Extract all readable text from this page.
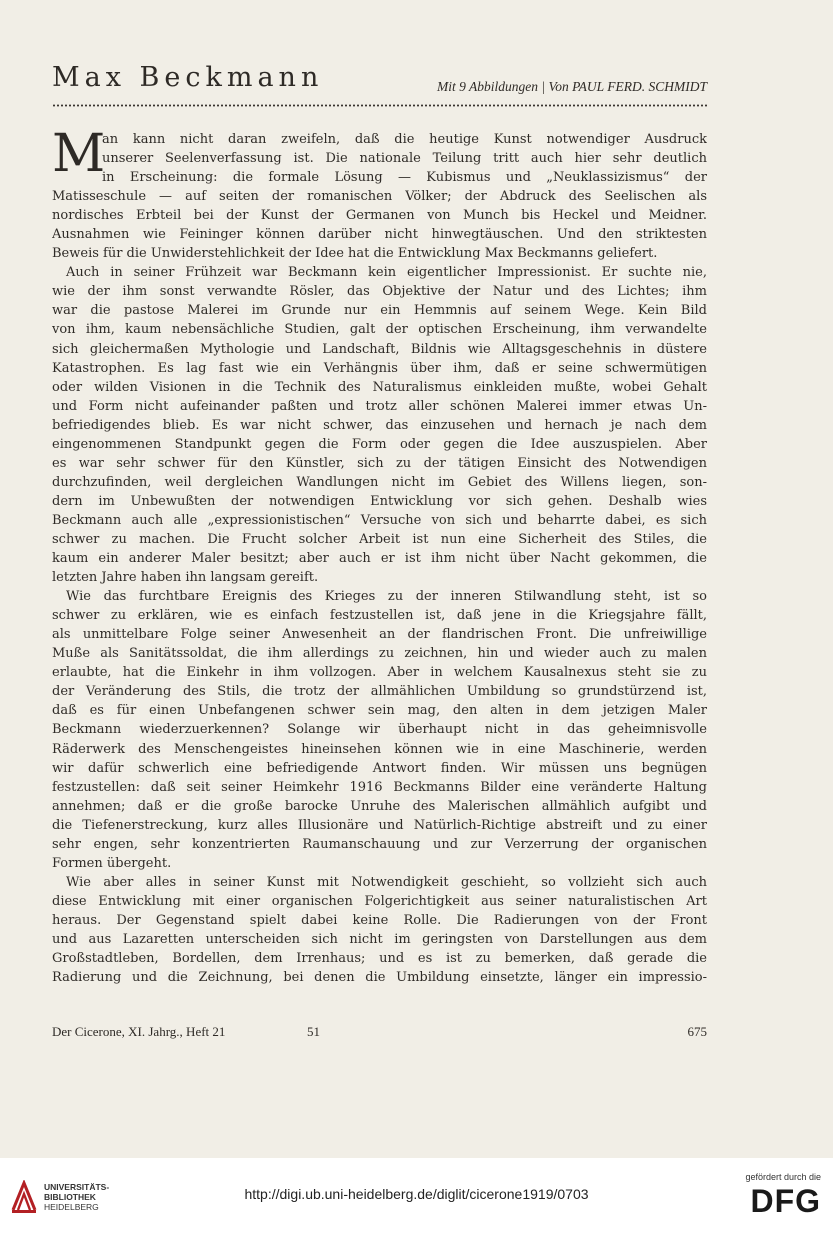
Max Beckmann	Mit 9 Abbildungen | Von PAUL FERD. SCHMIDT
M
an kann nicht daran zweifeln, daß die heutige Kunst notwendiger Ausdruck
unserer Seelenverfassung ist. Die nationale Teilung tritt auch hier sehr deutlich
in Erscheinung: die formale Lösung — Kubismus und „Neuklassizismus“ der
Matisseschule — auf seiten der romanischen Völker; der Abdruck des Seelischen als
nordisches Erbteil bei der Kunst der Germanen von Munch bis Heckel und Meidner.
Ausnahmen wie Feininger können darüber nicht hinwegtäuschen. Und den striktesten
Beweis für die Unwiderstehlichkeit der Idee hat die Entwicklung Max Beckmanns geliefert.
Auch in seiner Frühzeit war Beckmann kein eigentlicher Impressionist. Er suchte nie,
wie der ihm sonst verwandte Rösler, das Objektive der Natur und des Lichtes; ihm
war die pastose Malerei im Grunde nur ein Hemmnis auf seinem Wege. Kein Bild
von ihm, kaum nebensächliche Studien, galt der optischen Erscheinung, ihm verwandelte
sich gleichermaßen Mythologie und Landschaft, Bildnis wie Alltagsgeschehnis in düstere
Katastrophen. Es lag fast wie ein Verhängnis über ihm, daß er seine schwermütigen
oder wilden Visionen in die Technik des Naturalismus einkleiden mußte, wobei Gehalt
und Form nicht aufeinander paßten und trotz aller schönen Malerei immer etwas Un-
befriedigendes blieb. Es war nicht schwer, das einzusehen und hernach je nach dem
eingenommenen Standpunkt gegen die Form oder gegen die Idee auszuspielen. Aber
es war sehr schwer für den Künstler, sich zu der tätigen Einsicht des Notwendigen
durchzufinden, weil dergleichen Wandlungen nicht im Gebiet des Willens liegen, son-
dern im Unbewußten der notwendigen Entwicklung vor sich gehen. Deshalb wies
Beckmann auch alle „expressionistischen“ Versuche von sich und beharrte dabei, es sich
schwer zu machen. Die Frucht solcher Arbeit ist nun eine Sicherheit des Stiles, die
kaum ein anderer Maler besitzt; aber auch er ist ihm nicht über Nacht gekommen, die
letzten Jahre haben ihn langsam gereift.
Wie das furchtbare Ereignis des Krieges zu der inneren Stilwandlung steht, ist so
schwer zu erklären, wie es einfach festzustellen ist, daß jene in die Kriegsjahre fällt,
als unmittelbare Folge seiner Anwesenheit an der flandrischen Front. Die unfreiwillige
Muße als Sanitätssoldat, die ihm allerdings zu zeichnen, hin und wieder auch zu malen
erlaubte, hat die Einkehr in ihm vollzogen. Aber in welchem Kausalnexus steht sie zu
der Veränderung des Stils, die trotz der allmählichen Umbildung so grundstürzend ist,
daß es für einen Unbefangenen schwer sein mag, den alten in dem jetzigen Maler
Beckmann wiederzuerkennen? Solange wir überhaupt nicht in das geheimnisvolle
Räderwerk des Menschengeistes hineinsehen können wie in eine Maschinerie, werden
wir dafür schwerlich eine befriedigende Antwort finden. Wir müssen uns begnügen
festzustellen: daß seit seiner Heimkehr 1916 Beckmanns Bilder eine veränderte Haltung
annehmen; daß er die große barocke Unruhe des Malerischen allmählich aufgibt und
die Tiefenerstreckung, kurz alles Illusionäre und Natürlich-Richtige abstreift und zu einer
sehr engen, sehr konzentrierten Raumanschauung und zur Verzerrung der organischen
Formen übergeht.
Wie aber alles in seiner Kunst mit Notwendigkeit geschieht, so vollzieht sich auch
diese Entwicklung mit einer organischen Folgerichtigkeit aus seiner naturalistischen Art
heraus. Der Gegenstand spielt dabei keine Rolle. Die Radierungen von der Front
und aus Lazaretten unterscheiden sich nicht im geringsten von Darstellungen aus dem
Großstadtleben, Bordellen, dem Irrenhaus; und es ist zu bemerken, daß gerade die
Radierung und die Zeichnung, bei denen die Umbildung einsetzte, länger ein impressio-
Der Cicerone, XI. Jahrg., Heft 21	51	675
UNIVERSITÄTS-
BIBLIOTHEK
HEIDELBERG
http://digi.ub.uni-heidelberg.de/diglit/cicerone1919/0703
gefördert durch die
DFG
